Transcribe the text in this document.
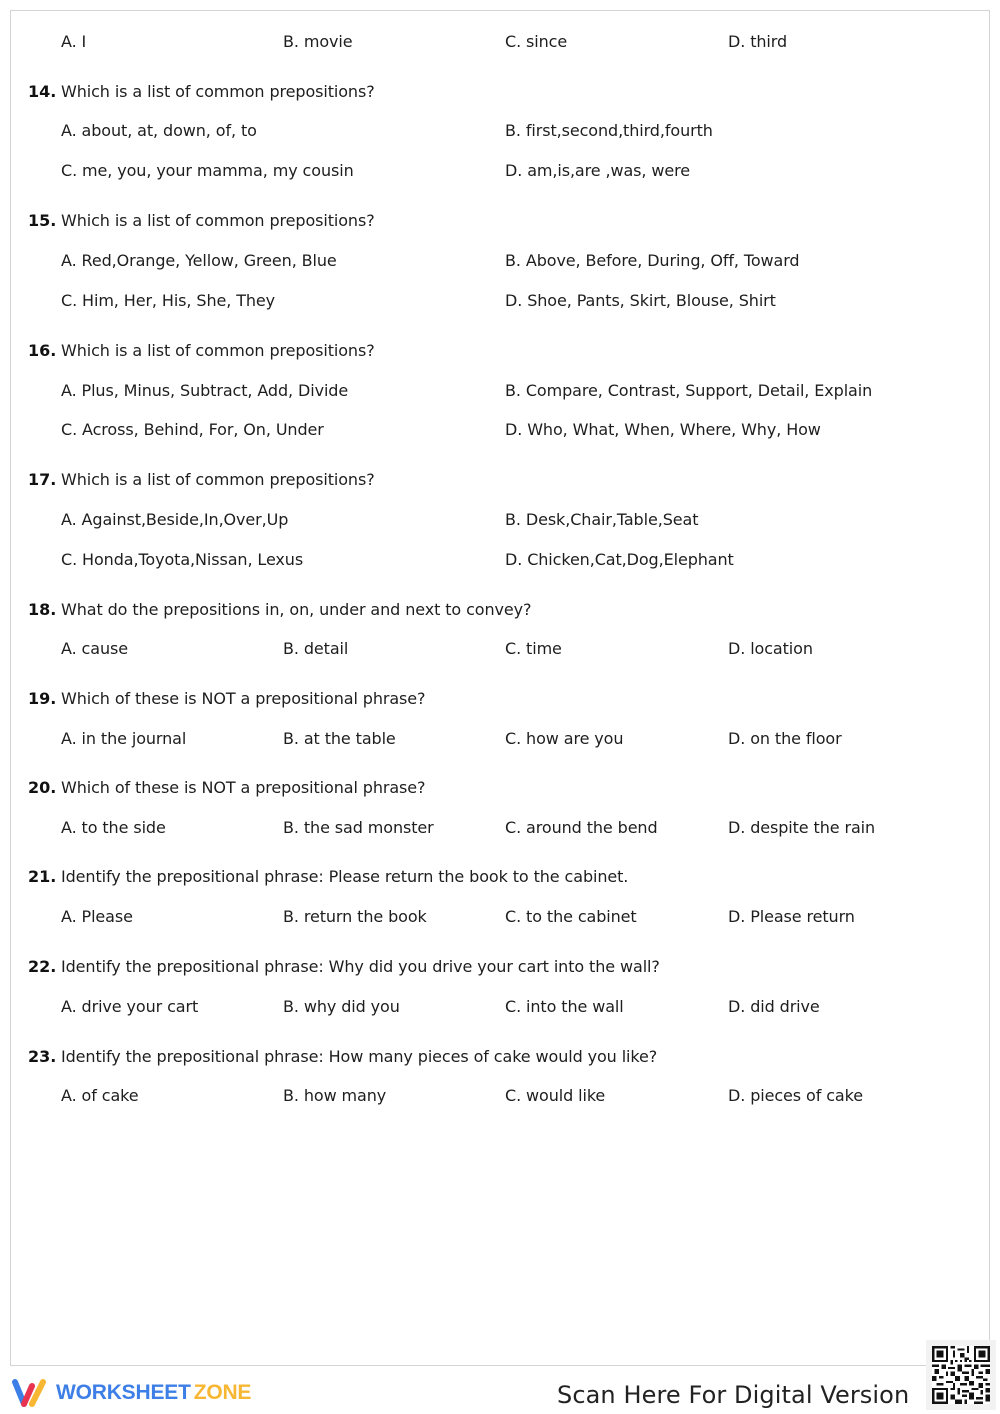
A. I	B. movie	C. since	D. third
14. Which is a list of common prepositions?
A. about, at, down, of, to	B. first,second,third,fourth
C. me, you, your mamma, my cousin	D. am,is,are ,was, were
15. Which is a list of common prepositions?
A. Red,Orange, Yellow, Green, Blue	B. Above, Before, During, Off, Toward
C. Him, Her, His, She, They	D. Shoe, Pants, Skirt, Blouse, Shirt
16. Which is a list of common prepositions?
A. Plus, Minus, Subtract, Add, Divide	B. Compare, Contrast, Support, Detail, Explain
C. Across, Behind, For, On, Under	D. Who, What, When, Where, Why, How
17. Which is a list of common prepositions?
A. Against,Beside,In,Over,Up	B. Desk,Chair,Table,Seat
C. Honda,Toyota,Nissan, Lexus	D. Chicken,Cat,Dog,Elephant
18. What do the prepositions in, on, under and next to convey?
A. cause	B. detail	C. time	D. location
19. Which of these is NOT a prepositional phrase?
A. in the journal	B. at the table	C. how are you	D. on the floor
20. Which of these is NOT a prepositional phrase?
A. to the side	B. the sad monster	C. around the bend	D. despite the rain
21. Identify the prepositional phrase: Please return the book to the cabinet.
A. Please	B. return the book	C. to the cabinet	D. Please return
22. Identify the prepositional phrase: Why did you drive your cart into the wall?
A. drive your cart	B. why did you	C. into the wall	D. did drive
23. Identify the prepositional phrase: How many pieces of cake would you like?
A. of cake	B. how many	C. would like	D. pieces of cake
WORKSHEET ZONE	Scan Here For Digital Version
